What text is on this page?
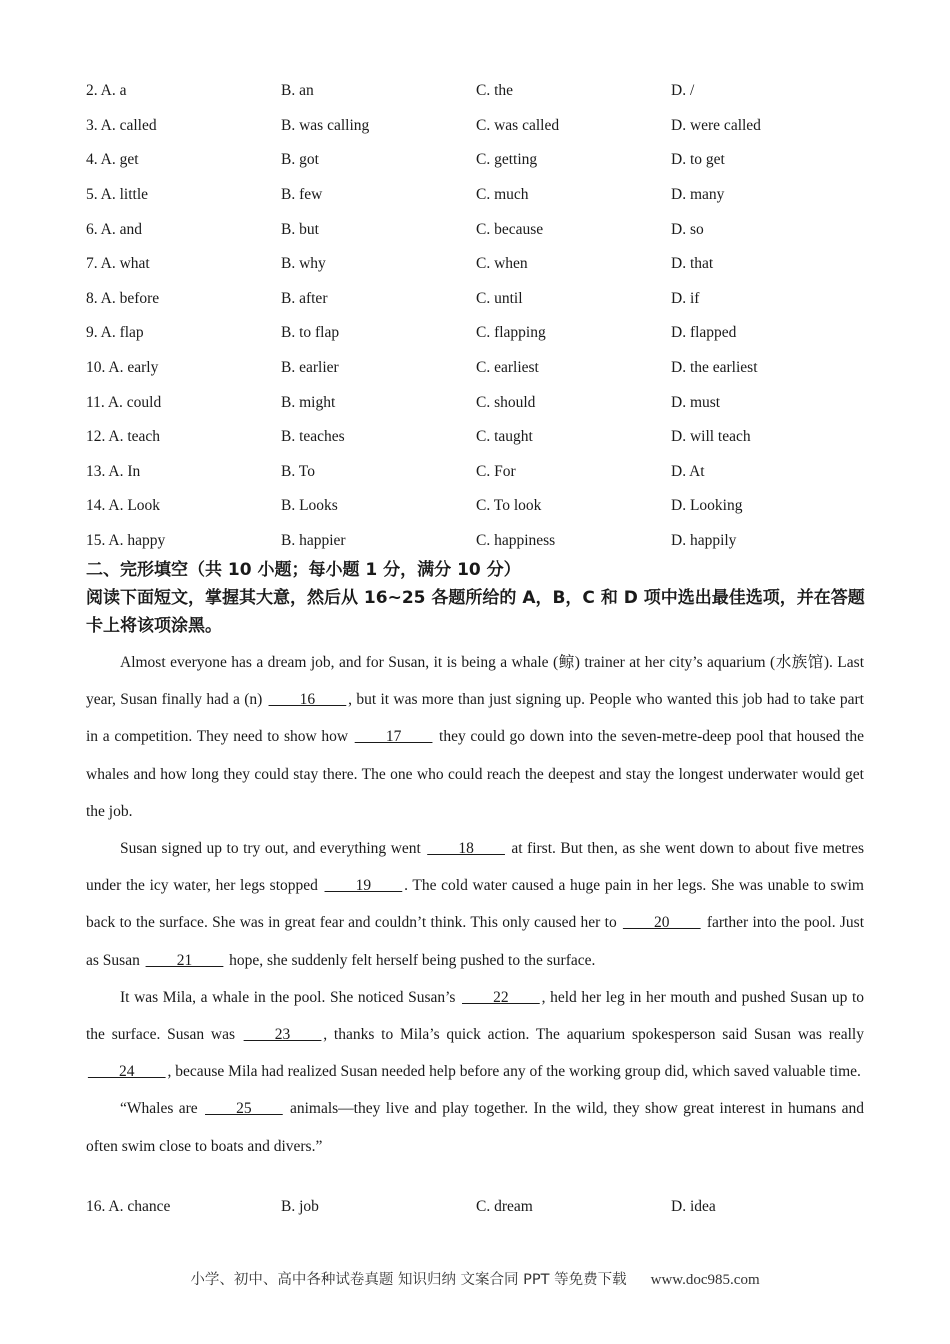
2. A. a	B. an	C. the	D. /
3. A. called	B. was calling	C. was called	D. were called
4. A. get	B. got	C. getting	D. to get
5. A. little	B. few	C. much	D. many
6. A. and	B. but	C. because	D. so
7. A. what	B. why	C. when	D. that
8. A. before	B. after	C. until	D. if
9. A. flap	B. to flap	C. flapping	D. flapped
10. A. early	B. earlier	C. earliest	D. the earliest
11. A. could	B. might	C. should	D. must
12. A. teach	B. teaches	C. taught	D. will teach
13. A. In	B. To	C. For	D. At
14. A. Look	B. Looks	C. To look	D. Looking
15. A. happy	B. happier	C. happiness	D. happily
二、完形填空（共 10 小题；每小题 1 分，满分 10 分）
阅读下面短文，掌握其大意，然后从 16~25 各题所给的 A，B，C 和 D 项中选出最佳选项，并在答题卡上将该项涂黑。

Almost everyone has a dream job, and for Susan, it is being a whale (鲸) trainer at her city’s aquarium (水族馆). Last year, Susan finally had a (n) ____16____ , but it was more than just signing up. People who wanted this job had to take part in a competition. They need to show how ____17____ they could go down into the seven-metre-deep pool that housed the whales and how long they could stay there. The one who could reach the deepest and stay the longest underwater would get the job.

Susan signed up to try out, and everything went ____18____ at first. But then, as she went down to about five metres under the icy water, her legs stopped ____19____ . The cold water caused a huge pain in her legs. She was unable to swim back to the surface. She was in great fear and couldn’t think. This only caused her to ____20____ farther into the pool. Just as Susan ____21____ hope, she suddenly felt herself being pushed to the surface.

It was Mila, a whale in the pool. She noticed Susan’s ____22____ , held her leg in her mouth and pushed Susan up to the surface. Susan was ____23____ , thanks to Mila’s quick action. The aquarium spokesperson said Susan was really ____24____ , because Mila had realized Susan needed help before any of the working group did, which saved valuable time.

“Whales are ____25____ animals—they live and play together. In the wild, they show great interest in humans and often swim close to boats and divers.”

16. A. chance	B. job	C. dream	D. idea
小学、初中、高中各种试卷真题 知识归纳 文案合同 PPT 等免费下载 www.doc985.com
